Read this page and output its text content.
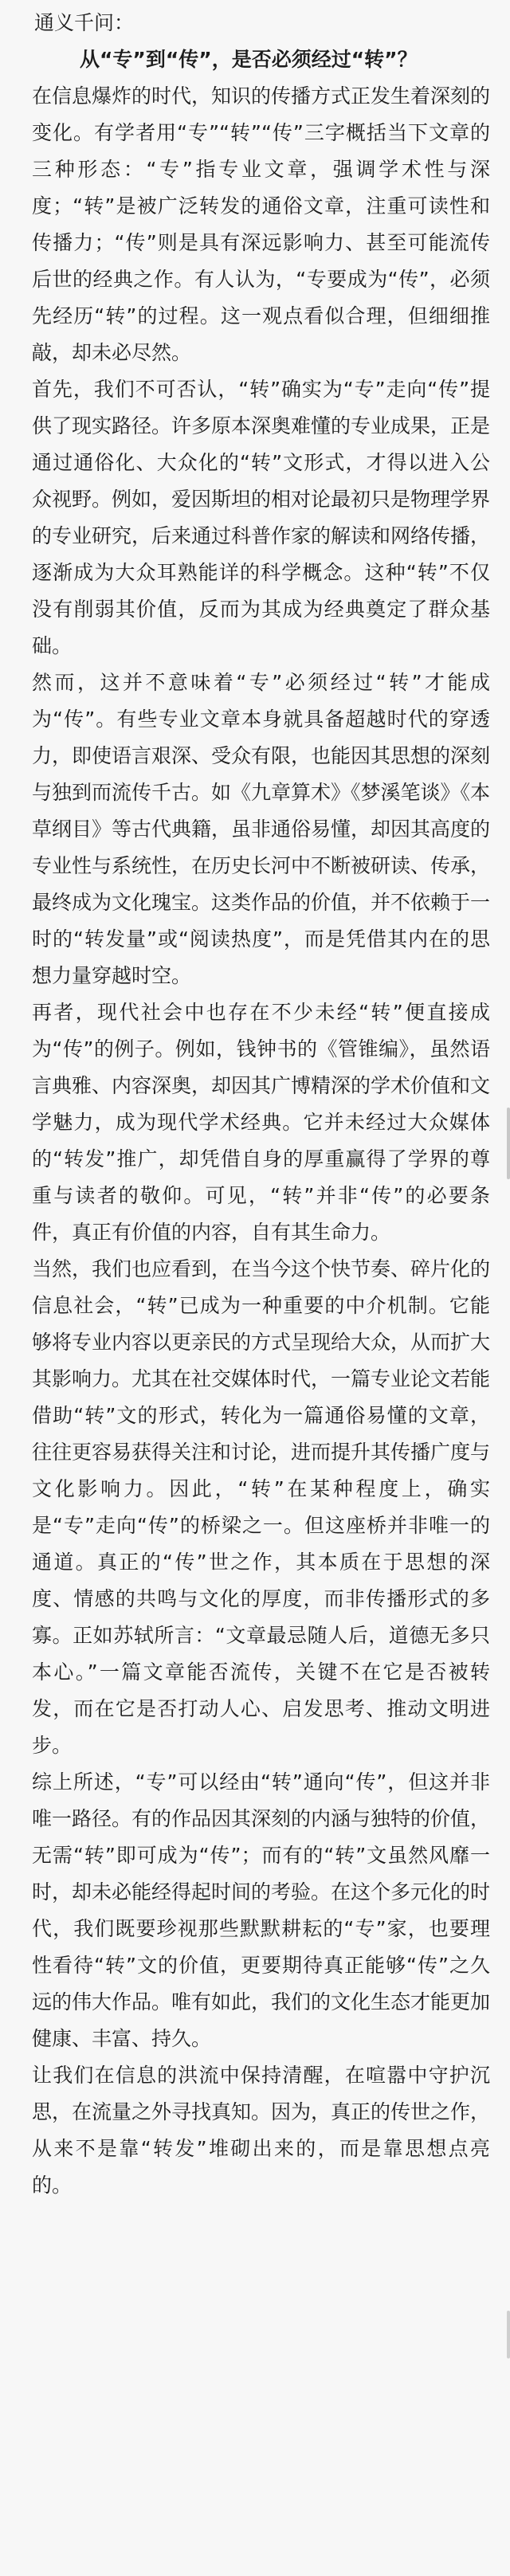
通义千问：

从“专”到“传”，是否必须经过“转”？

在信息爆炸的时代，知识的传播方式正发生着深刻的变化。有学者用“专”“转”“传”三字概括当下文章的三种形态：“专”指专业文章，强调学术性与深度；“转”是被广泛转发的通俗文章，注重可读性和传播力；“传”则是具有深远影响力、甚至可能流传后世的经典之作。有人认为，“专要成为“传”，必须先经历“转”的过程。这一观点看似合理，但细细推敲，却未必尽然。

首先，我们不可否认，“转”确实为“专”走向“传”提供了现实路径。许多原本深奥难懂的专业成果，正是通过通俗化、大众化的“转”文形式，才得以进入公众视野。例如，爱因斯坦的相对论最初只是物理学界的专业研究，后来通过科普作家的解读和网络传播，逐渐成为大众耳熟能详的科学概念。这种“转”不仅没有削弱其价值，反而为其成为经典奠定了群众基础。

然而，这并不意味着“专”必须经过“转”才能成为“传”。有些专业文章本身就具备超越时代的穿透力，即使语言艰深、受众有限，也能因其思想的深刻与独到而流传千古。如《九章算术》《梦溪笔谈》《本草纲目》等古代典籍，虽非通俗易懂，却因其高度的专业性与系统性，在历史长河中不断被研读、传承，最终成为文化瑰宝。这类作品的价值，并不依赖于一时的“转发量”或“阅读热度”，而是凭借其内在的思想力量穿越时空。

再者，现代社会中也存在不少未经“转”便直接成为“传”的例子。例如，钱钟书的《管锥编》，虽然语言典雅、内容深奥，却因其广博精深的学术价值和文学魅力，成为现代学术经典。它并未经过大众媒体的“转发”推广，却凭借自身的厚重赢得了学界的尊重与读者的敬仰。可见，“转”并非“传”的必要条件，真正有价值的内容，自有其生命力。

当然，我们也应看到，在当今这个快节奏、碎片化的信息社会，“转”已成为一种重要的中介机制。它能够将专业内容以更亲民的方式呈现给大众，从而扩大其影响力。尤其在社交媒体时代，一篇专业论文若能借助“转”文的形式，转化为一篇通俗易懂的文章，往往更容易获得关注和讨论，进而提升其传播广度与文化影响力。因此，“转”在某种程度上，确实是“专”走向“传”的桥梁之一。但这座桥并非唯一的通道。真正的“传”世之作，其本质在于思想的深度、情感的共鸣与文化的厚度，而非传播形式的多寡。正如苏轼所言：“文章最忌随人后，道德无多只本心。”一篇文章能否流传，关键不在它是否被转发，而在它是否打动人心、启发思考、推动文明进步。

综上所述，“专”可以经由“转”通向“传”，但这并非唯一路径。有的作品因其深刻的内涵与独特的价值，无需“转”即可成为“传”；而有的“转”文虽然风靡一时，却未必能经得起时间的考验。在这个多元化的时代，我们既要珍视那些默默耕耘的“专”家，也要理性看待“转”文的价值，更要期待真正能够“传”之久远的伟大作品。唯有如此，我们的文化生态才能更加健康、丰富、持久。

让我们在信息的洪流中保持清醒，在喧嚣中守护沉思，在流量之外寻找真知。因为，真正的传世之作，从来不是靠“转发”堆砌出来的，而是靠思想点亮的。
